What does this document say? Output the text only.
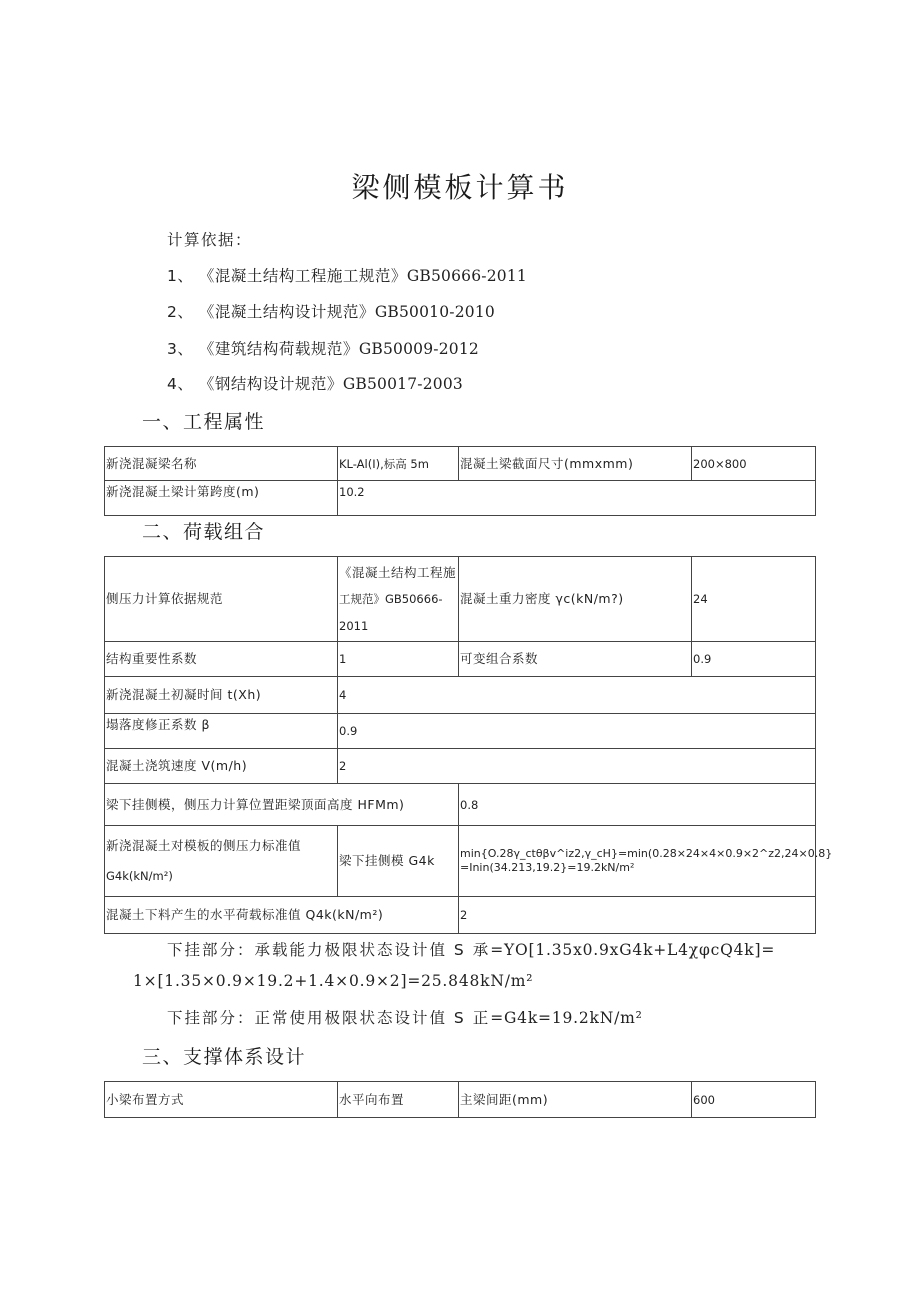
梁侧模板计算书
计算依据：
1、 《混凝土结构工程施工规范》GB50666-2011
2、 《混凝土结构设计规范》GB50010-2010
3、 《建筑结构荷载规范》GB50009-2012
4、 《钢结构设计规范》GB50017-2003
一、工程属性
新浇混凝梁名称	KL-Al(I),标高 5m	混凝土梁截面尺寸(mmxmm)	200×800
新浇混凝土梁计第跨度(m)	10.2		
二、荷载组合
侧压力计算依据规范	《混凝土结构工程施
工规范》GB50666-
2011	混凝土重力密度 γc(kN/m?)	24
结构重要性系数	1	可变组合系数	0.9
新浇混凝土初凝时间 t(Xh)	4		
塌落度修正系数 β	0.9		
混凝土浇筑速度 V(m/h)	2		
梁下挂侧模，侧压力计算位置距梁顶面高度 HFMm)		0.8	

新浇混凝土对模板的侧压力标准值
G4k(kN/m²)
	梁下挂侧模 G4k	min{O.28γ_ctθβv^iz2,γ_cH}=min(0.28×24×4×0.9×2^z2,24×0.8}
=Inin(34.213,19.2}=19.2kN/m²

混凝土下料产生的水平荷载标准值 Q4k(kN/m²)		2	
下挂部分：承载能力极限状态设计值 S 承=YO[1.35x0.9xG4k+L4χφcQ4k]=
1×[1.35×0.9×19.2+1.4×0.9×2]=25.848kN/m²
下挂部分：正常使用极限状态设计值 S 正=G4k=19.2kN/m²
三、支撑体系设计
小梁布置方式	水平向布置	主梁间距(mm)	600
